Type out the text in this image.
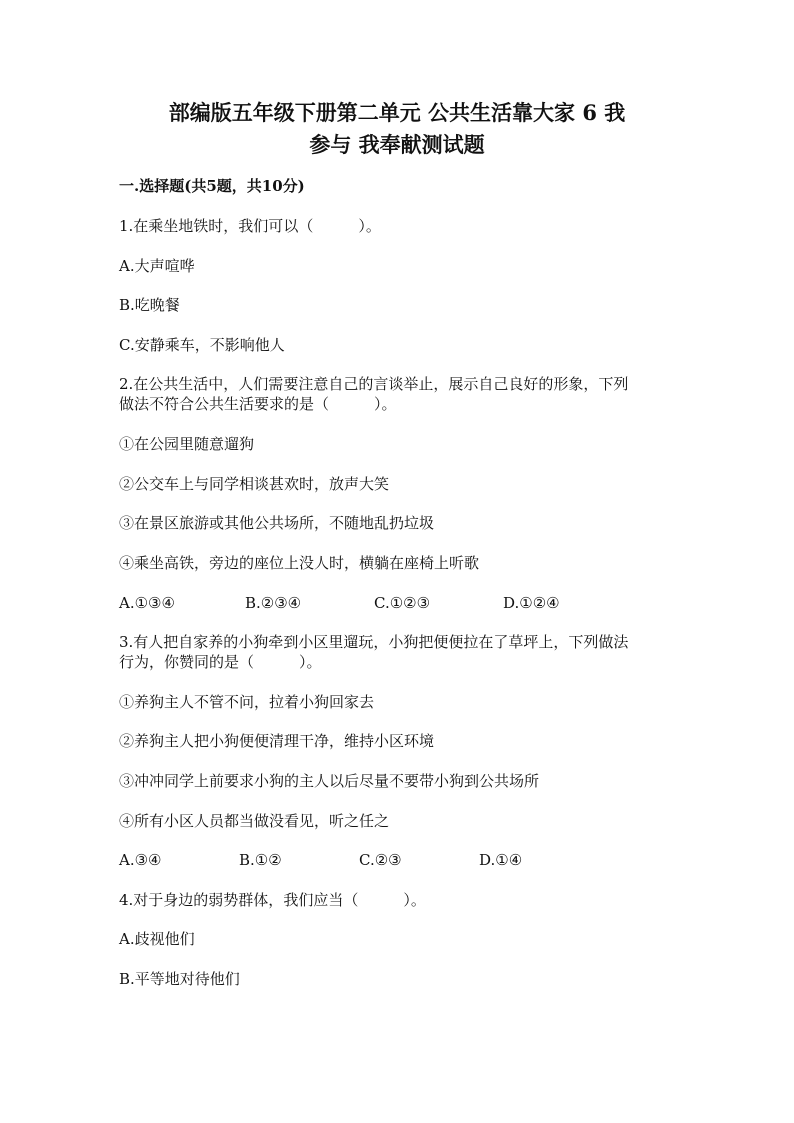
部编版五年级下册第二单元 公共生活靠大家 6 我
参与 我奉献测试题
一.选择题(共5题，共10分)
1.在乘坐地铁时，我们可以（　　　）。
A.大声喧哗
B.吃晚餐
C.安静乘车，不影响他人
2.在公共生活中，人们需要注意自己的言谈举止，展示自己良好的形象，下列
做法不符合公共生活要求的是（　　　）。
①在公园里随意遛狗
②公交车上与同学相谈甚欢时，放声大笑
③在景区旅游或其他公共场所，不随地乱扔垃圾
④乘坐高铁，旁边的座位上没人时，横躺在座椅上听歌
A.①③④	B.②③④	C.①②③	D.①②④
3.有人把自家养的小狗牵到小区里遛玩，小狗把便便拉在了草坪上，下列做法
行为，你赞同的是（　　　）。
①养狗主人不管不问，拉着小狗回家去
②养狗主人把小狗便便清理干净，维持小区环境
③冲冲同学上前要求小狗的主人以后尽量不要带小狗到公共场所
④所有小区人员都当做没看见，听之任之
A.③④	B.①②	C.②③	D.①④
4.对于身边的弱势群体，我们应当（　　　）。
A.歧视他们
B.平等地对待他们
